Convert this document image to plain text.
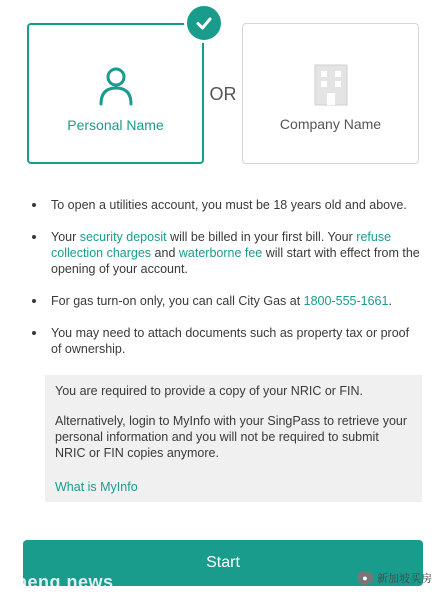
Personal Name
OR
Company Name
To open a utilities account, you must be 18 years old and above.
Your security deposit will be billed in your first bill. Your refuse collection charges and waterborne fee will start with effect from the opening of your account.
For gas turn-on only, you can call City Gas at 1800-555-1661.
You may need to attach documents such as property tax or proof of ownership.

You are required to provide a copy of your NRIC or FIN.

Alternatively, login to MyInfo with your SingPass to retrieve your personal information and you will not be required to submit NRIC or FIN copies anymore.

What is MyInfo
Start
icheng news	● 新加坡买房
